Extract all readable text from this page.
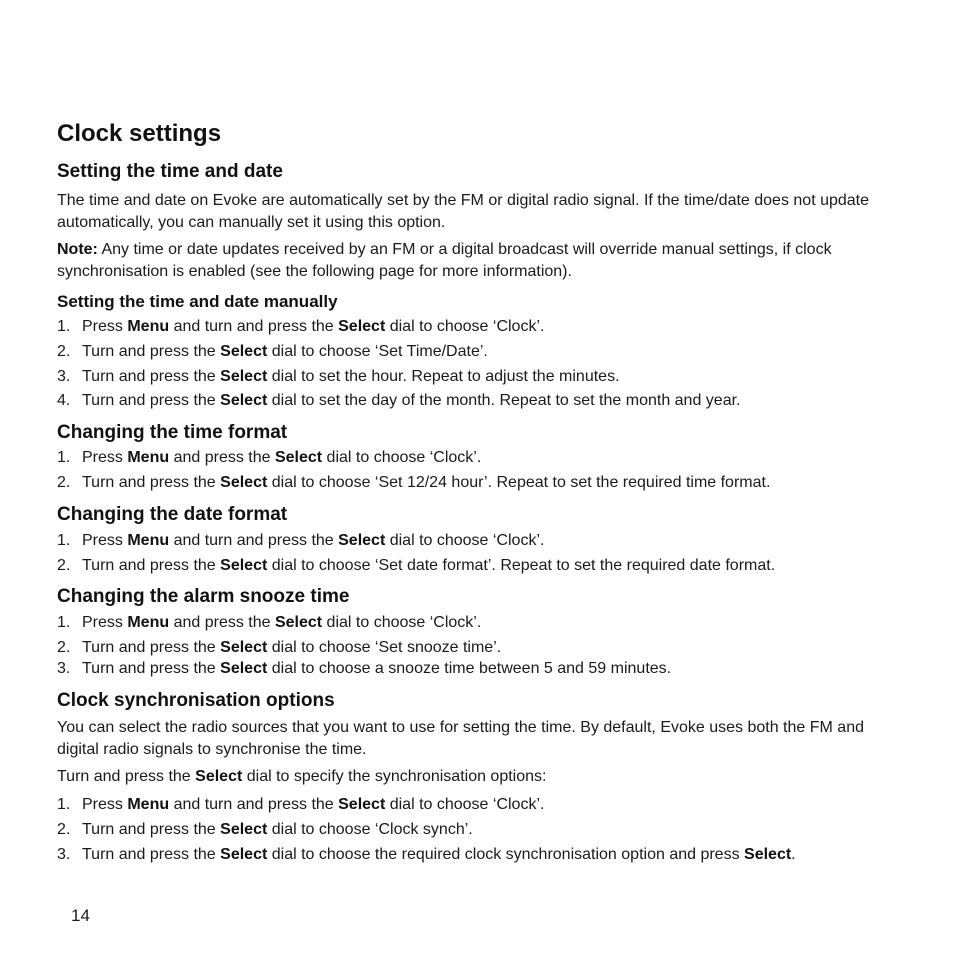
Clock settings
Setting the time and date
The time and date on Evoke are automatically set by the FM or digital radio signal. If the time/date does not update automatically, you can manually set it using this option.
Note: Any time or date updates received by an FM or a digital broadcast will override manual settings, if clock synchronisation is enabled (see the following page for more information).
Setting the time and date manually
1. Press Menu and turn and press the Select dial to choose ‘Clock’.
2. Turn and press the Select dial to choose ‘Set Time/Date’.
3. Turn and press the Select dial to set the hour. Repeat to adjust the minutes.
4. Turn and press the Select dial to set the day of the month. Repeat to set the month and year.
Changing the time format
1. Press Menu and press the Select dial to choose ‘Clock’.
2. Turn and press the Select dial to choose ‘Set 12/24 hour’. Repeat to set the required time format.
Changing the date format
1. Press Menu and turn and press the Select dial to choose ‘Clock’.
2. Turn and press the Select dial to choose ‘Set date format’. Repeat to set the required date format.
Changing the alarm snooze time
1. Press Menu and press the Select dial to choose ‘Clock’.
2. Turn and press the Select dial to choose ‘Set snooze time’.
3. Turn and press the Select dial to choose a snooze time between 5 and 59 minutes.
Clock synchronisation options
You can select the radio sources that you want to use for setting the time. By default, Evoke uses both the FM and digital radio signals to synchronise the time.
Turn and press the Select dial to specify the synchronisation options:
1. Press Menu and turn and press the Select dial to choose ‘Clock’.
2. Turn and press the Select dial to choose ‘Clock synch’.
3. Turn and press the Select dial to choose the required clock synchronisation option and press Select.
14
